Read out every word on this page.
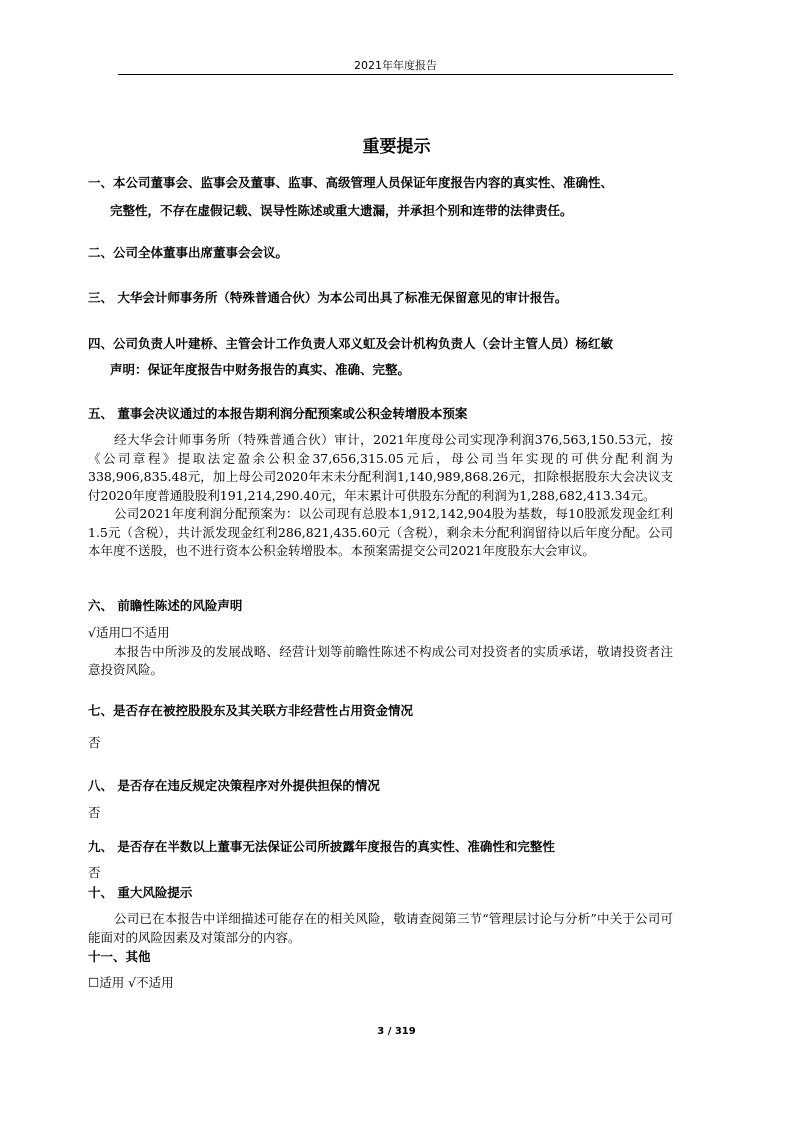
2021年年度报告
重要提示
一、本公司董事会、监事会及董事、监事、高级管理人员保证年度报告内容的真实性、准确性、
完整性，不存在虚假记载、误导性陈述或重大遗漏，并承担个别和连带的法律责任。
二、公司全体董事出席董事会会议。
三、 大华会计师事务所（特殊普通合伙）为本公司出具了标准无保留意见的审计报告。
四、公司负责人叶建桥、主管会计工作负责人邓义虹及会计机构负责人（会计主管人员）杨红敏
声明：保证年度报告中财务报告的真实、准确、完整。
五、 董事会决议通过的本报告期利润分配预案或公积金转增股本预案
经大华会计师事务所（特殊普通合伙）审计，2021年度母公司实现净利润376,563,150.53元，按《公司章程》提取法定盈余公积金37,656,315.05元后，母公司当年实现的可供分配利润为338,906,835.48元，加上母公司2020年末未分配利润1,140,989,868.26元，扣除根据股东大会决议支付2020年度普通股股利191,214,290.40元，年末累计可供股东分配的利润为1,288,682,413.34元。
公司2021年度利润分配预案为：以公司现有总股本1,912,142,904股为基数，每10股派发现金红利1.5元（含税），共计派发现金红利286,821,435.60元（含税），剩余未分配利润留待以后年度分配。公司本年度不送股，也不进行资本公积金转增股本。本预案需提交公司2021年度股东大会审议。
六、 前瞻性陈述的风险声明
√适用☐不适用
本报告中所涉及的发展战略、经营计划等前瞻性陈述不构成公司对投资者的实质承诺，敬请投资者注意投资风险。
七、是否存在被控股股东及其关联方非经营性占用资金情况
否
八、 是否存在违反规定决策程序对外提供担保的情况
否
九、 是否存在半数以上董事无法保证公司所披露年度报告的真实性、准确性和完整性
否
十、 重大风险提示
公司已在本报告中详细描述可能存在的相关风险，敬请查阅第三节“管理层讨论与分析”中关于公司可能面对的风险因素及对策部分的内容。
十一、其他
☐适用 √不适用
3 / 319
